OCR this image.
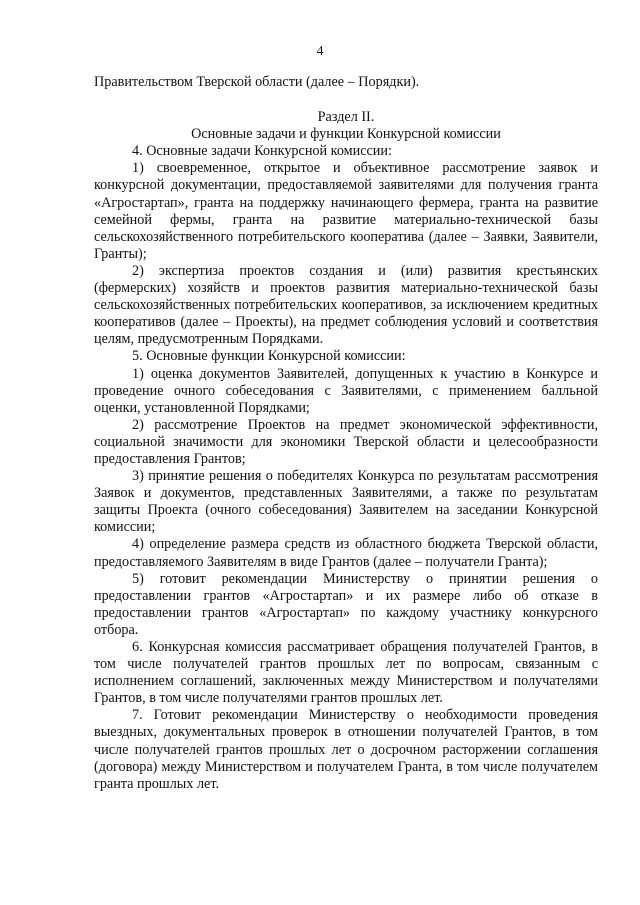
4

Правительством Тверской области (далее – Порядки).

Раздел II.

Основные задачи и функции Конкурсной комиссии

4. Основные задачи Конкурсной комиссии:

1) своевременное, открытое и объективное рассмотрение заявок и конкурсной документации, предоставляемой заявителями для получения гранта «Агростартап», гранта на поддержку начинающего фермера, гранта на развитие семейной фермы, гранта на развитие материально-технической базы сельскохозяйственного потребительского кооператива (далее – Заявки, Заявители, Гранты);

2) экспертиза проектов создания и (или) развития крестьянских (фермерских) хозяйств и проектов развития материально-технической базы сельскохозяйственных потребительских кооперативов, за исключением кредитных кооперативов (далее – Проекты), на предмет соблюдения условий и соответствия целям, предусмотренным Порядками.

5. Основные функции Конкурсной комиссии:

1) оценка документов Заявителей, допущенных к участию в Конкурсе и проведение очного собеседования с Заявителями, с применением балльной оценки, установленной Порядками;

2) рассмотрение Проектов на предмет экономической эффективности, социальной значимости для экономики Тверской области и целесообразности предоставления Грантов;

3) принятие решения о победителях Конкурса по результатам рассмотрения Заявок и документов, представленных Заявителями, а также по результатам защиты Проекта (очного собеседования) Заявителем на заседании Конкурсной комиссии;

4) определение размера средств из областного бюджета Тверской области, предоставляемого Заявителям в виде Грантов (далее – получатели Гранта);

5) готовит рекомендации Министерству о принятии решения о предоставлении грантов «Агростартап» и их размере либо об отказе в предоставлении грантов «Агростартап» по каждому участнику конкурсного отбора.

6. Конкурсная комиссия рассматривает обращения получателей Грантов, в том числе получателей грантов прошлых лет по вопросам, связанным с исполнением соглашений, заключенных между Министерством и получателями Грантов, в том числе получателями грантов прошлых лет.

7. Готовит рекомендации Министерству о необходимости проведения выездных, документальных проверок в отношении получателей Грантов, в том числе получателей грантов прошлых лет о досрочном расторжении соглашения (договора) между Министерством и получателем Гранта, в том числе получателем гранта прошлых лет.
